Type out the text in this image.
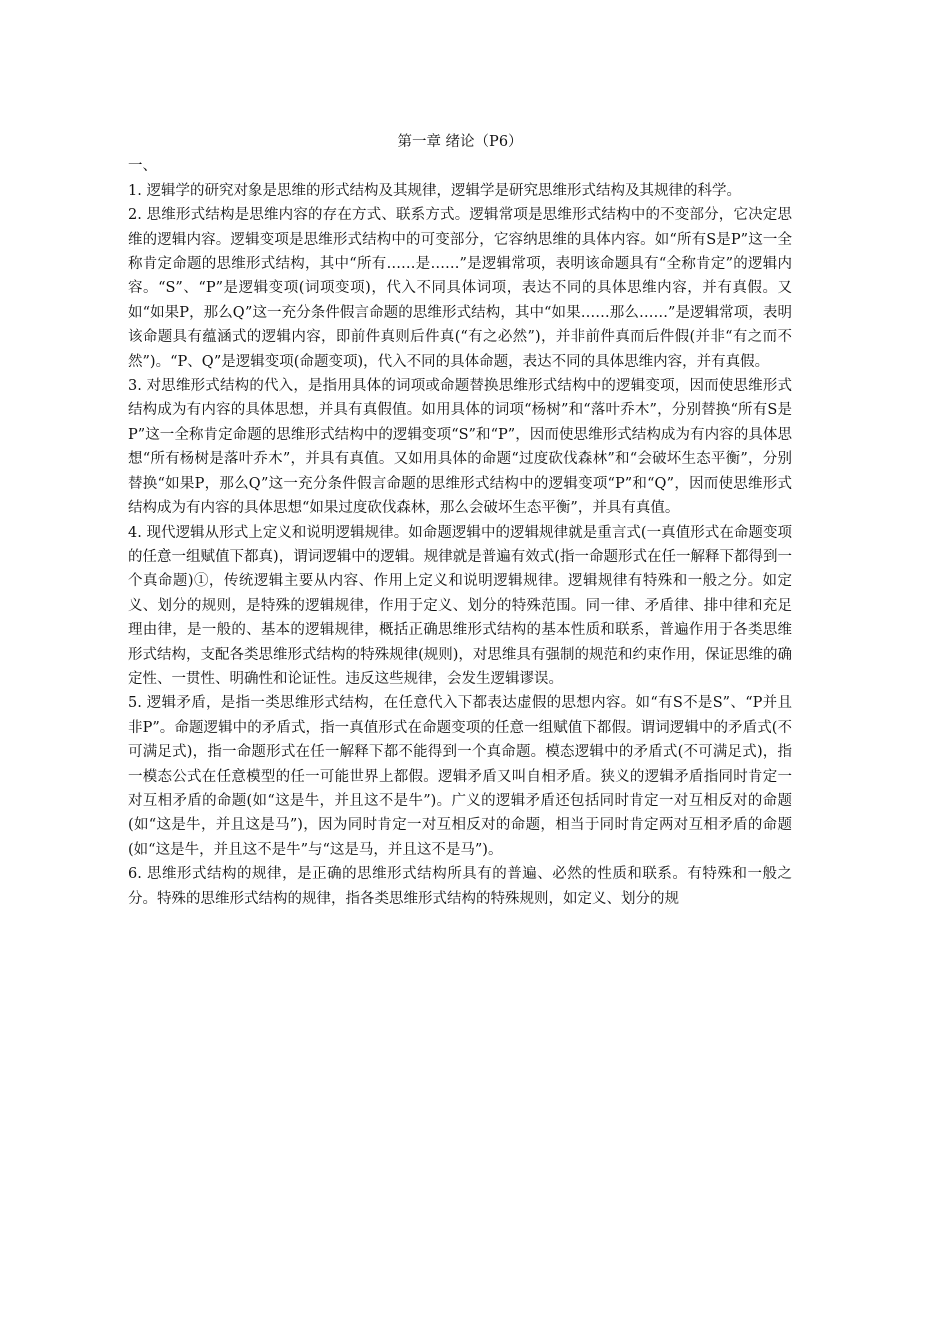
第一章 绪论（P6）

一、

1. 逻辑学的研究对象是思维的形式结构及其规律，逻辑学是研究思维形式结构及其规律的科学。

2. 思维形式结构是思维内容的存在方式、联系方式。逻辑常项是思维形式结构中的不变部分，它决定思维的逻辑内容。逻辑变项是思维形式结构中的可变部分，它容纳思维的具体内容。如“所有S是P”这一全称肯定命题的思维形式结构，其中“所有……是……”是逻辑常项，表明该命题具有“全称肯定”的逻辑内容。“S”、“P”是逻辑变项(词项变项)，代入不同具体词项，表达不同的具体思维内容，并有真假。又如“如果P，那么Q”这一充分条件假言命题的思维形式结构，其中“如果……那么……”是逻辑常项，表明该命题具有蕴涵式的逻辑内容，即前件真则后件真(“有之必然”)，并非前件真而后件假(并非“有之而不然”)。“P、Q”是逻辑变项(命题变项)，代入不同的具体命题，表达不同的具体思维内容，并有真假。

3. 对思维形式结构的代入，是指用具体的词项或命题替换思维形式结构中的逻辑变项，因而使思维形式结构成为有内容的具体思想，并具有真假值。如用具体的词项“杨树”和“落叶乔木”，分别替换“所有S是P”这一全称肯定命题的思维形式结构中的逻辑变项“S”和“P”，因而使思维形式结构成为有内容的具体思想“所有杨树是落叶乔木”，并具有真值。又如用具体的命题“过度砍伐森林”和“会破坏生态平衡”，分别替换“如果P，那么Q”这一充分条件假言命题的思维形式结构中的逻辑变项“P”和“Q”，因而使思维形式结构成为有内容的具体思想“如果过度砍伐森林，那么会破坏生态平衡”，并具有真值。

4. 现代逻辑从形式上定义和说明逻辑规律。如命题逻辑中的逻辑规律就是重言式(一真值形式在命题变项的任意一组赋值下都真)，谓词逻辑中的逻辑。规律就是普遍有效式(指一命题形式在任一解释下都得到一个真命题)①，传统逻辑主要从内容、作用上定义和说明逻辑规律。逻辑规律有特殊和一般之分。如定义、划分的规则，是特殊的逻辑规律，作用于定义、划分的特殊范围。同一律、矛盾律、排中律和充足理由律，是一般的、基本的逻辑规律，概括正确思维形式结构的基本性质和联系，普遍作用于各类思维形式结构，支配各类思维形式结构的特殊规律(规则)，对思维具有强制的规范和约束作用，保证思维的确定性、一贯性、明确性和论证性。违反这些规律，会发生逻辑谬误。

5. 逻辑矛盾，是指一类思维形式结构，在任意代入下都表达虚假的思想内容。如“有S不是S”、“P并且非P”。命题逻辑中的矛盾式，指一真值形式在命题变项的任意一组赋值下都假。谓词逻辑中的矛盾式(不可满足式)，指一命题形式在任一解释下都不能得到一个真命题。模态逻辑中的矛盾式(不可满足式)，指一模态公式在任意模型的任一可能世界上都假。逻辑矛盾又叫自相矛盾。狭义的逻辑矛盾指同时肯定一对互相矛盾的命题(如“这是牛，并且这不是牛”)。广义的逻辑矛盾还包括同时肯定一对互相反对的命题(如“这是牛，并且这是马”)，因为同时肯定一对互相反对的命题，相当于同时肯定两对互相矛盾的命题(如“这是牛，并且这不是牛”与“这是马，并且这不是马”)。

6. 思维形式结构的规律，是正确的思维形式结构所具有的普遍、必然的性质和联系。有特殊和一般之分。特殊的思维形式结构的规律，指各类思维形式结构的特殊规则，如定义、划分的规
